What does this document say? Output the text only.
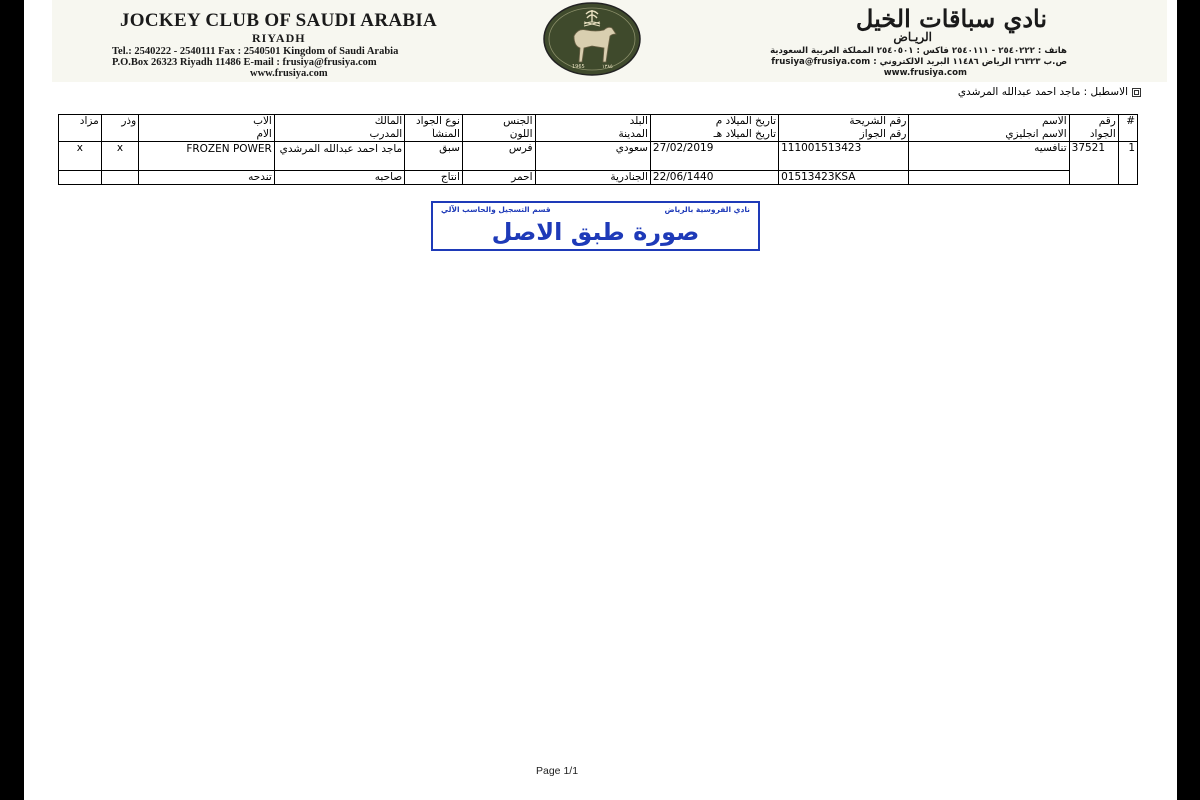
JOCKEY CLUB OF SAUDI ARABIA
RIYADH
Tel.: 2540222 - 2540111 Fax : 2540501 Kingdom of Saudi Arabia
P.O.Box 26323 Riyadh 11486 E-mail : frusiya@frusiya.com
www.frusiya.com
1965	١٣٨٥
نادي سباقات الخيل
الريـاض
هاتف : ٢٥٤٠٢٢٢ - ٢٥٤٠١١١ فاكس : ٢٥٤٠٥٠١ المملكة العربية السعودية
ص.ب ٢٦٣٢٣ الرياض ١١٤٨٦ البريد الالكتروني : frusiya@frusiya.com
www.frusiya.com
الاسطبل : ماجد احمد عبدالله المرشدي
#	رقم	الاسم	رقم الشريحة	تاريخ الميلاد م	البلد	الجنس	نوع الجواد	المالك	الاب	وذر	مزاد
	الجواد	الاسم انجليزي	رقم الجواز	تاريخ الميلاد هـ	المدينة	اللون	المنشأ	المدرب	الام		
1	37521	تنافسيه	111001513423	27/02/2019	سعودي	فرس	سبق	ماجد احمد عبدالله المرشدي	FROZEN POWER	x	x
			01513423KSA	22/06/1440	الجنادرية	احمر	انتاج	صاحبه	تندحه		
نادي الفروسية بالرياض
قسم التسجيل والحاسب الآلي
صورة طبق الاصل
Page 1/1
